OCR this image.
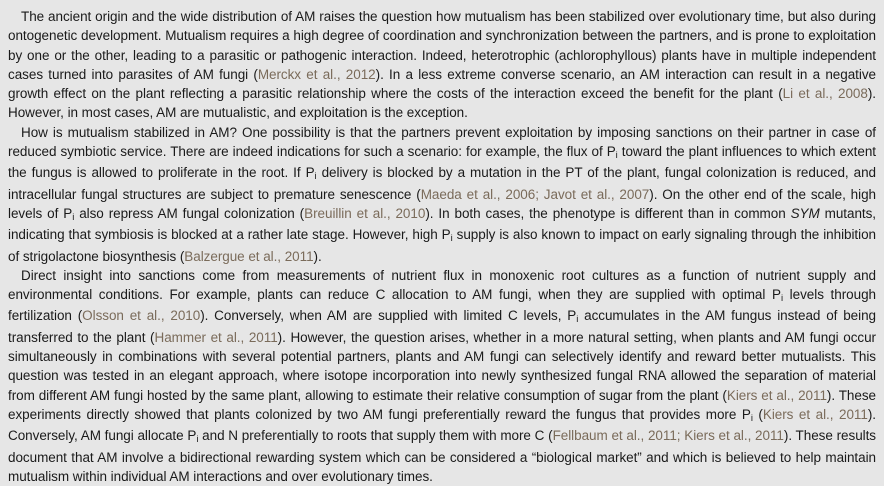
The ancient origin and the wide distribution of AM raises the question how mutualism has been stabilized over evolutionary time, but also during ontogenetic development. Mutualism requires a high degree of coordination and synchronization between the partners, and is prone to exploitation by one or the other, leading to a parasitic or pathogenic interaction. Indeed, heterotrophic (achlorophyllous) plants have in multiple independent cases turned into parasites of AM fungi (Merckx et al., 2012). In a less extreme converse scenario, an AM interaction can result in a negative growth effect on the plant reflecting a parasitic relationship where the costs of the interaction exceed the benefit for the plant (Li et al., 2008). However, in most cases, AM are mutualistic, and exploitation is the exception.

How is mutualism stabilized in AM? One possibility is that the partners prevent exploitation by imposing sanctions on their partner in case of reduced symbiotic service. There are indeed indications for such a scenario: for example, the flux of Pi toward the plant influences to which extent the fungus is allowed to proliferate in the root. If Pi delivery is blocked by a mutation in the PT of the plant, fungal colonization is reduced, and intracellular fungal structures are subject to premature senescence (Maeda et al., 2006; Javot et al., 2007). On the other end of the scale, high levels of Pi also repress AM fungal colonization (Breuillin et al., 2010). In both cases, the phenotype is different than in common SYM mutants, indicating that symbiosis is blocked at a rather late stage. However, high Pi supply is also known to impact on early signaling through the inhibition of strigolactone biosynthesis (Balzergue et al., 2011).

Direct insight into sanctions come from measurements of nutrient flux in monoxenic root cultures as a function of nutrient supply and environmental conditions. For example, plants can reduce C allocation to AM fungi, when they are supplied with optimal Pi levels through fertilization (Olsson et al., 2010). Conversely, when AM are supplied with limited C levels, Pi accumulates in the AM fungus instead of being transferred to the plant (Hammer et al., 2011). However, the question arises, whether in a more natural setting, when plants and AM fungi occur simultaneously in combinations with several potential partners, plants and AM fungi can selectively identify and reward better mutualists. This question was tested in an elegant approach, where isotope incorporation into newly synthesized fungal RNA allowed the separation of material from different AM fungi hosted by the same plant, allowing to estimate their relative consumption of sugar from the plant (Kiers et al., 2011). These experiments directly showed that plants colonized by two AM fungi preferentially reward the fungus that provides more Pi (Kiers et al., 2011). Conversely, AM fungi allocate Pi and N preferentially to roots that supply them with more C (Fellbaum et al., 2011; Kiers et al., 2011). These results document that AM involve a bidirectional rewarding system which can be considered a “biological market” and which is believed to help maintain mutualism within individual AM interactions and over evolutionary times.
